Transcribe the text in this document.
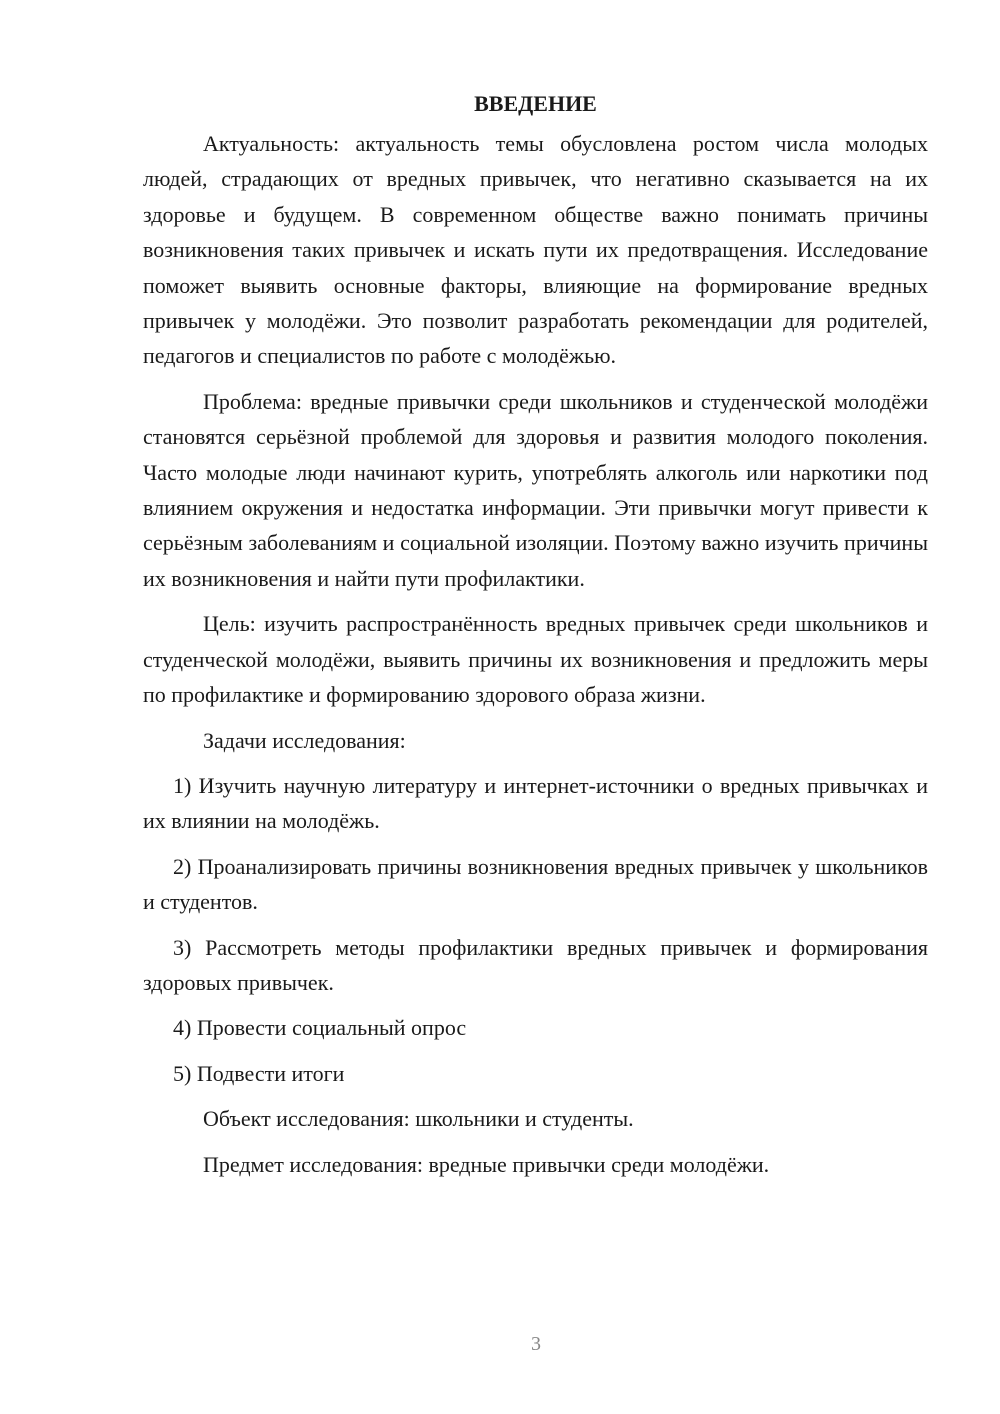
ВВЕДЕНИЕ

Актуальность: актуальность темы обусловлена ростом числа молодых людей, страдающих от вредных привычек, что негативно сказывается на их здоровье и будущем. В современном обществе важно понимать причины возникновения таких привычек и искать пути их предотвращения. Исследование поможет выявить основные факторы, влияющие на формирование вредных привычек у молодёжи. Это позволит разработать рекомендации для родителей, педагогов и специалистов по работе с молодёжью.

Проблема: вредные привычки среди школьников и студенческой молодёжи становятся серьёзной проблемой для здоровья и развития молодого поколения. Часто молодые люди начинают курить, употреблять алкоголь или наркотики под влиянием окружения и недостатка информации. Эти привычки могут привести к серьёзным заболеваниям и социальной изоляции. Поэтому важно изучить причины их возникновения и найти пути профилактики.

Цель: изучить распространённость вредных привычек среди школьников и студенческой молодёжи, выявить причины их возникновения и предложить меры по профилактике и формированию здорового образа жизни.

Задачи исследования:

1) Изучить научную литературу и интернет-источники о вредных привычках и их влиянии на молодёжь.

2) Проанализировать причины возникновения вредных привычек у школьников и студентов.

3) Рассмотреть методы профилактики вредных привычек и формирования здоровых привычек.

4) Провести социальный опрос

5) Подвести итоги

Объект исследования: школьники и студенты.

Предмет исследования: вредные привычки среди молодёжи.

3
